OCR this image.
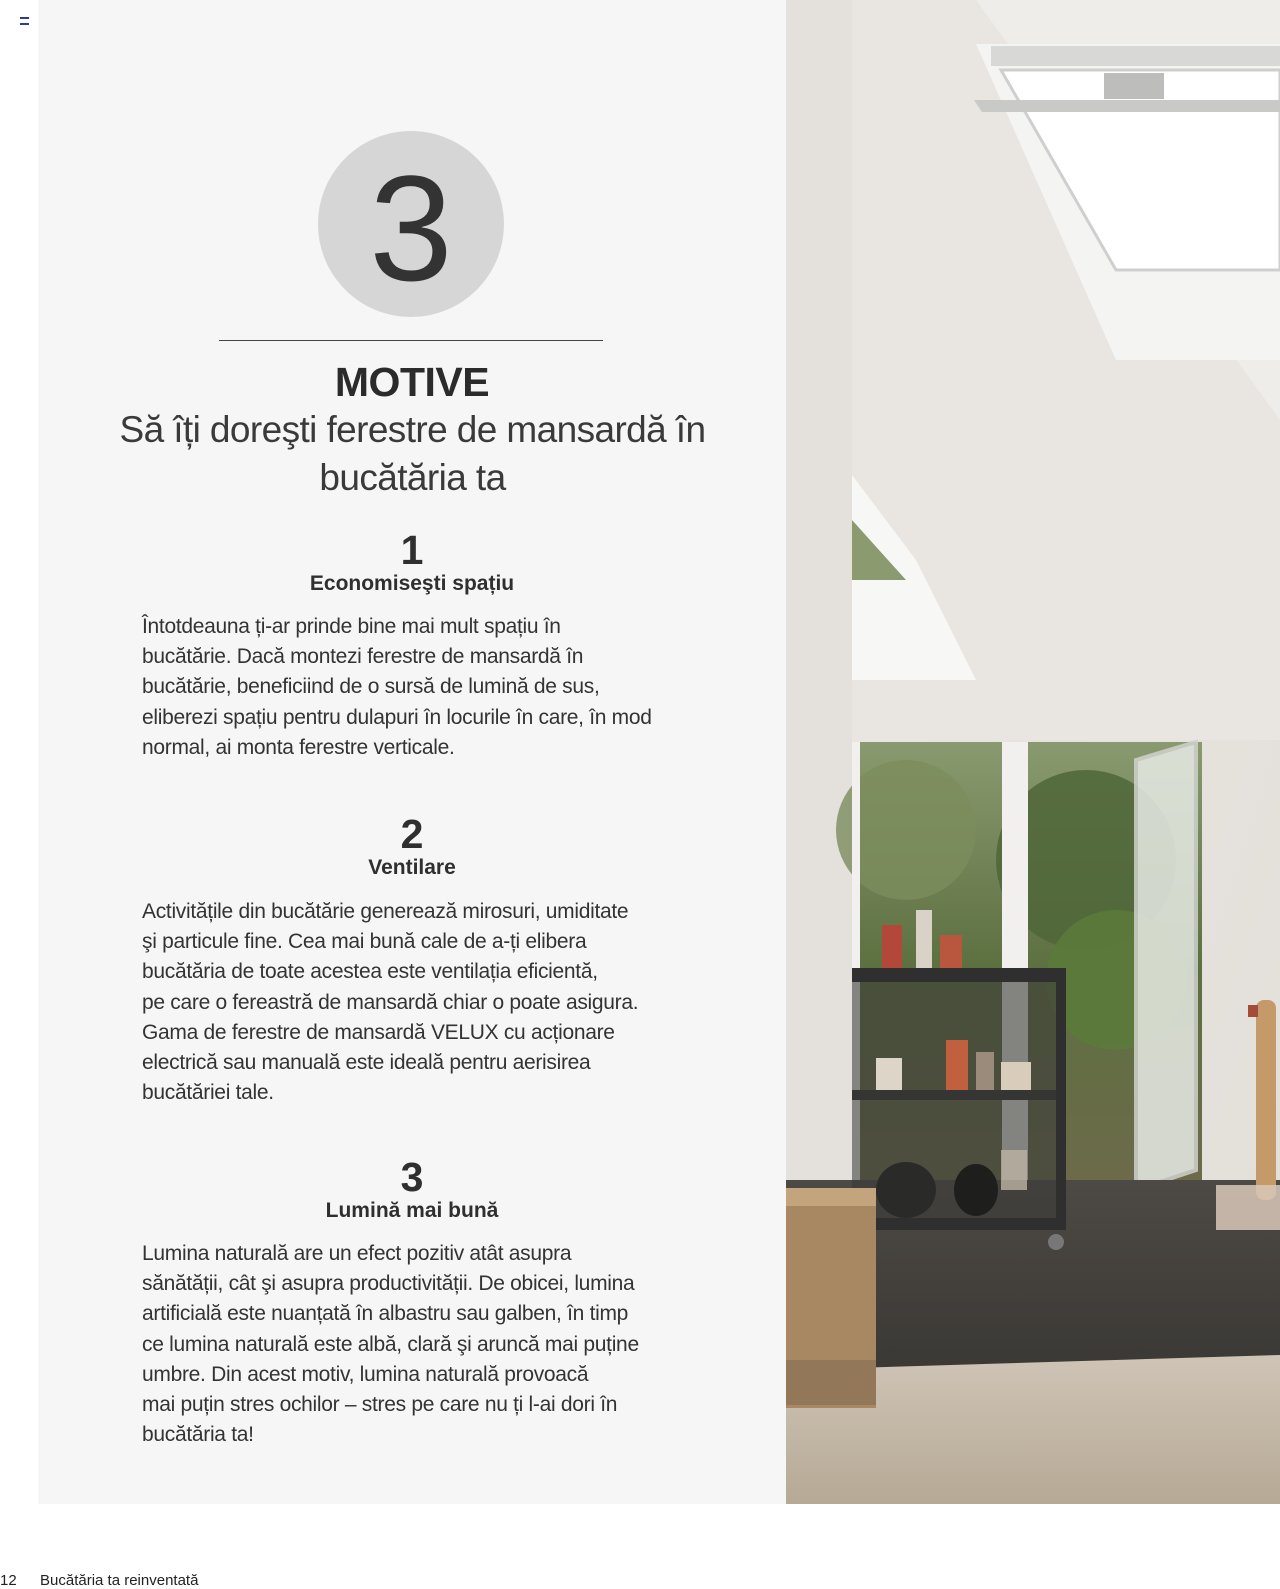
3
MOTIVE
Să îți doreşti ferestre de mansardă în
bucătăria ta
1
Economiseşti spațiu
Întotdeauna ți-ar prinde bine mai mult spațiu în
bucătărie. Dacă montezi ferestre de mansardă în
bucătărie, beneficiind de o sursă de lumină de sus,
eliberezi spațiu pentru dulapuri în locurile în care, în mod
normal, ai monta ferestre verticale.
2
Ventilare
Activitățile din bucătărie generează mirosuri, umiditate
şi particule fine. Cea mai bună cale de a-ți elibera
bucătăria de toate acestea este ventilația eficientă,
pe care o fereastră de mansardă chiar o poate asigura.
Gama de ferestre de mansardă VELUX cu acționare
electrică sau manuală este ideală pentru aerisirea
bucătăriei tale.
3
Lumină mai bună
Lumina naturală are un efect pozitiv atât asupra
sănătății, cât şi asupra productivității. De obicei, lumina
artificială este nuanțată în albastru sau galben, în timp
ce lumina naturală este albă, clară şi aruncă mai puține
umbre. Din acest motiv, lumina naturală provoacă
mai puțin stres ochilor – stres pe care nu ți l-ai dori în
bucătăria ta!
12 Bucătăria ta reinventată
